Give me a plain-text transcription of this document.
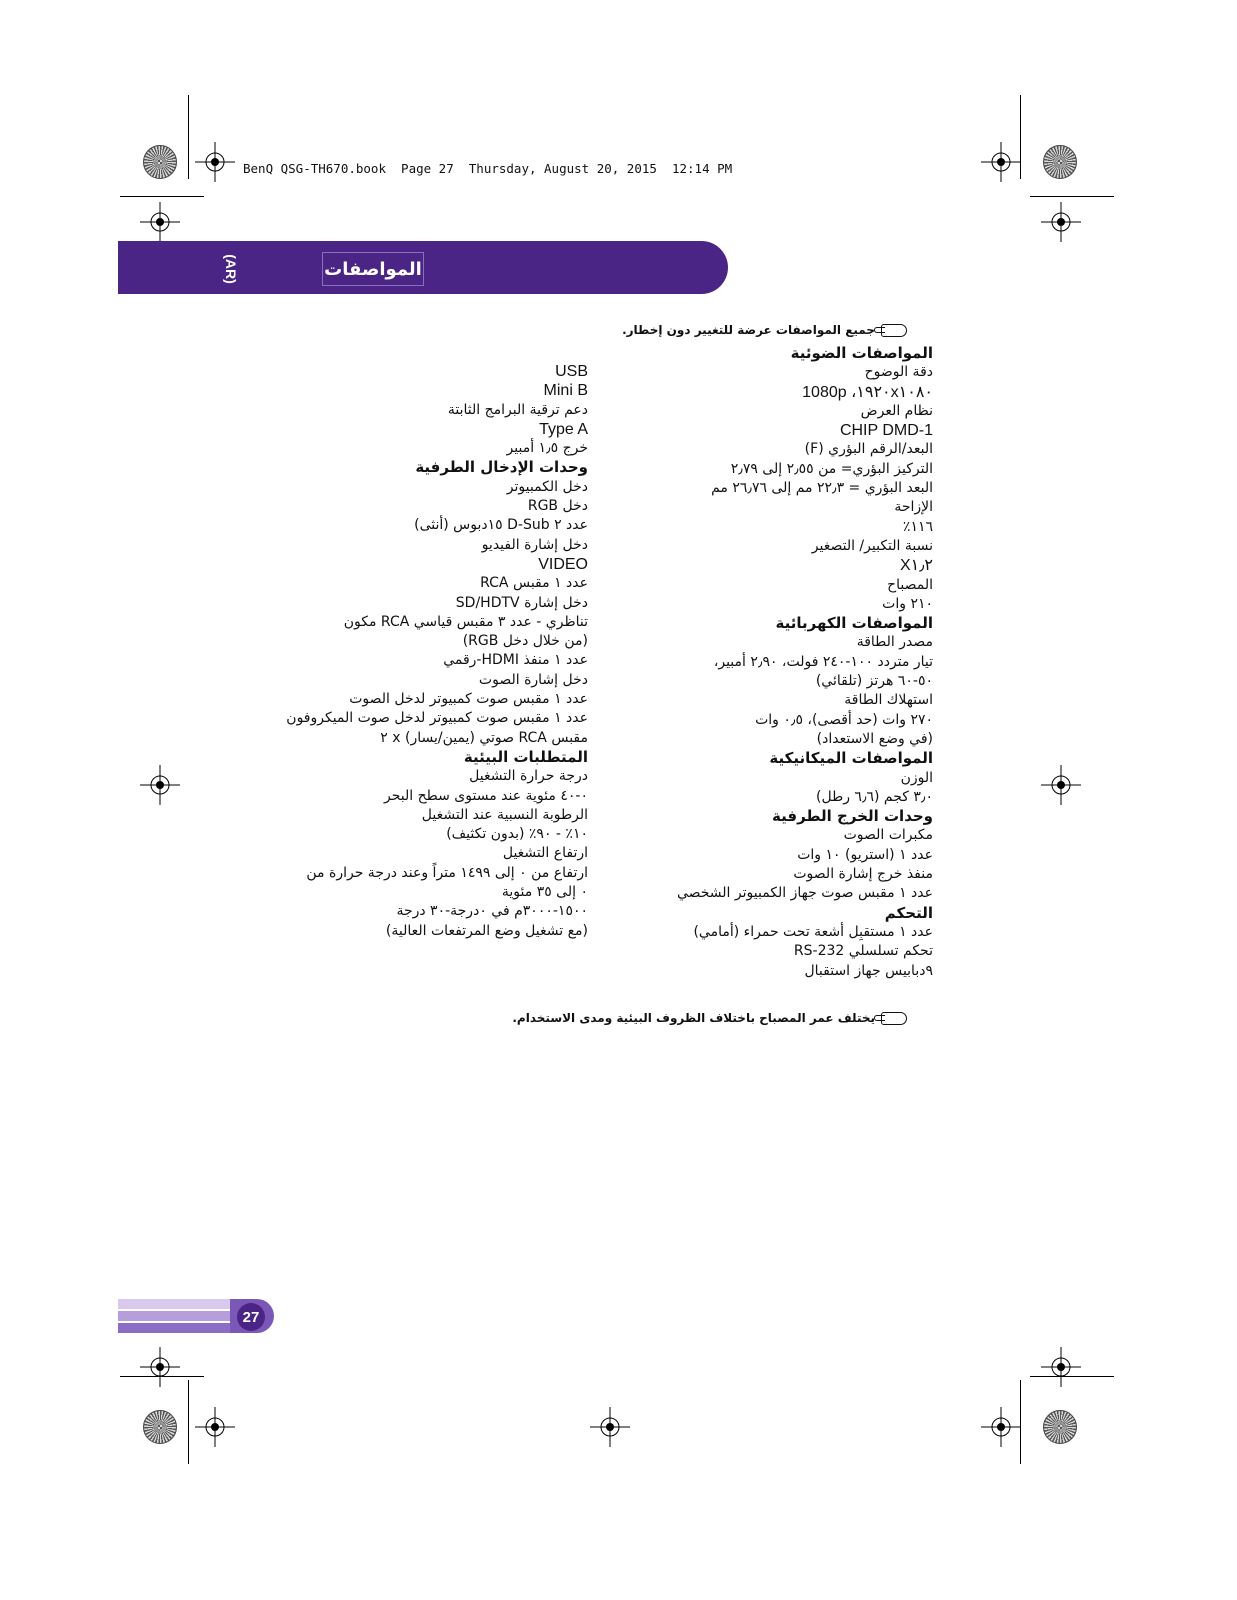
BenQ QSG-TH670.book  Page 27  Thursday, August 20, 2015  12:14 PM
(AR)	المواصفات
جميع المواصفات عرضة للتغيير دون إخطار.

المواصفات الضوئية

دقة الوضوح

١٩٢٠x١٠٨٠، 1080p

نظام العرض

1-CHIP DMD

البعد/الرقم البؤري (F)

التركيز البؤري= من ٢٫٥٥ إلى ٢٫٧٩

البعد البؤري = ٢٢٫٣ مم إلى ٢٦٫٧٦ مم

الإزاحة

١١٦٪

نسبة التكبير/ التصغير

X١٫٢

المصباح

٢١٠ وات

المواصفات الكهربائية

مصدر الطاقة

تيار متردد ١٠٠-٢٤٠ فولت، ٢٫٩٠ أمبير،

٥٠-٦٠ هرتز (تلقائي)

استهلاك الطاقة

٢٧٠ وات (حد أقصى)، ٠٫٥ وات

(في وضع الاستعداد)

المواصفات الميكانيكية

الوزن

٣٫٠ كجم (٦٫٦ رطل)

وحدات الخرج الطرفية

مكبرات الصوت

عدد ١ (استريو) ١٠ وات

منفذ خرج إشارة الصوت

عدد ١ مقبس صوت جهاز الكمبيوتر الشخصي

التحكم

عدد ١ مستقبِل أشعة تحت حمراء (أمامي)

تحكم تسلسلي RS-232

٩دبابيس جهاز استقبال

USB

Mini B

دعم ترقية البرامج الثابتة

Type A

خرج ١٫٥ أمبير

وحدات الإدخال الطرفية

دخل الكمبيوتر

دخل RGB

عدد ٢ D-Sub ١٥دبوس (أنثى)

دخل إشارة الفيديو

VIDEO

عدد ١ مقبس RCA

دخل إشارة SD/HDTV

تناظري - عدد ٣ مقبس قياسي RCA مكون

(من خلال دخل RGB)

عدد ١ منفذ HDMI-رقمي

دخل إشارة الصوت

عدد ١ مقبس صوت كمبيوتر لدخل الصوت

عدد ١ مقبس صوت كمبيوتر لدخل صوت الميكروفون

مقبس RCA صوتي (يمين/يسار) x ٢

المتطلبات البيئية

درجة حرارة التشغيل

٠-٤٠ مئوية عند مستوى سطح البحر

الرطوبة النسبية عند التشغيل

١٠٪ - ٩٠٪ (بدون تكثيف)

ارتفاع التشغيل

ارتفاع من ٠ إلى ١٤٩٩ متراً وعند درجة حرارة من

٠ إلى ٣٥ مئوية

١٥٠٠-٣٠٠٠م في ٠درجة-٣٠ درجة

(مع تشغيل وضع المرتفعات العالية)

يختلف عمر المصباح باختلاف الظروف البيئية ومدى الاستخدام.
27
